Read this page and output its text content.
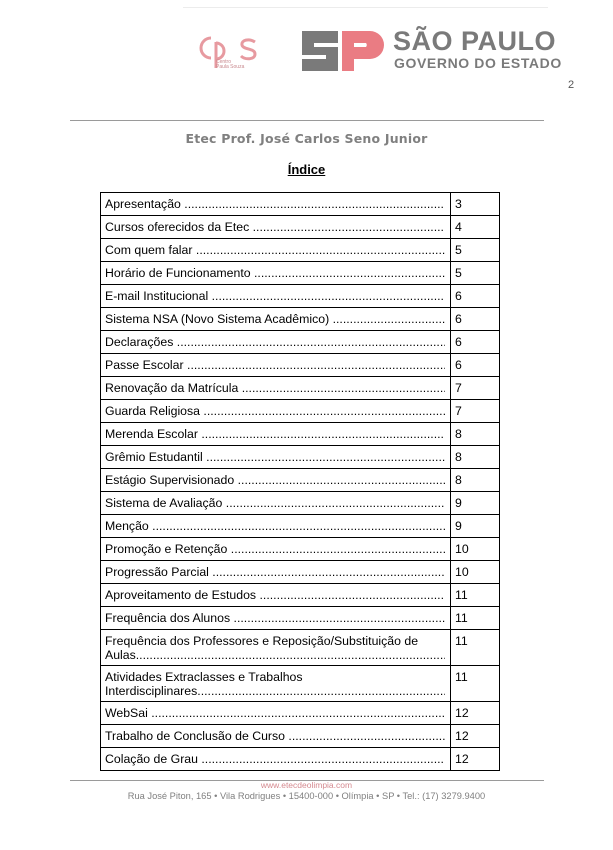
Centro
Paula Souza
SÃO PAULO
GOVERNO DO ESTADO
2
Etec Prof. José Carlos Seno Junior
Índice
Apresentação .....	3

Cursos oferecidos da Etec .....	4

Com quem falar .....	5

Horário de Funcionamento .....	5

E-mail Institucional .....	6

Sistema NSA (Novo Sistema Acadêmico) .....	6

Declarações .....	6

Passe Escolar .....	6

Renovação da Matrícula .....	7

Guarda Religiosa .....	7

Merenda Escolar .....	8

Grêmio Estudantil .....	8

Estágio Supervisionado .....	8

Sistema de Avaliação .....	9

Menção .....	9

Promoção e Retenção .....	10

Progressão Parcial .....	10

Aproveitamento de Estudos .....	11

Frequência dos Alunos .....	11

Frequência dos Professores e Reposição/Substituição de
Aulas .....	11

Atividades Extraclasses e Trabalhos
Interdisciplinares .....	11

WebSai .....	12

Trabalho de Conclusão de Curso .....	12

Colação de Grau .....	12
www.etecdeolimpia.com
Rua José Piton, 165 • Vila Rodrigues • 15400-000 • Olímpia • SP • Tel.: (17) 3279.9400
